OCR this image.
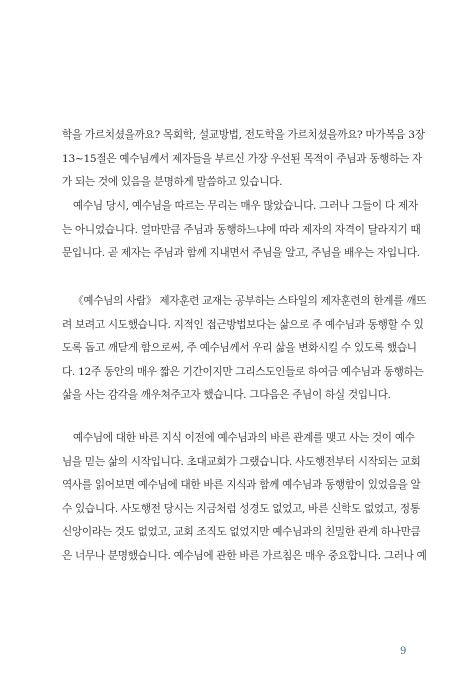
학을 가르치셨을까요? 목회학, 설교방법, 전도학을 가르치셨을까요? 마가복음 3장
13~15절은 예수님께서 제자들을 부르신 가장 우선된 목적이 주님과 동행하는 자
가 되는 것에 있음을 분명하게 말씀하고 있습니다.
예수님 당시, 예수님을 따르는 무리는 매우 많았습니다. 그러나 그들이 다 제자
는 아니었습니다. 얼마만큼 주님과 동행하느냐에 따라 제자의 자격이 달라지기 때
문입니다. 곧 제자는 주님과 함께 지내면서 주님을 알고, 주님을 배우는 자입니다.
《예수님의 사람》 제자훈련 교재는 공부하는 스타일의 제자훈련의 한계를 깨뜨
려 보려고 시도했습니다. 지적인 접근방법보다는 삶으로 주 예수님과 동행할 수 있
도록 돕고 깨닫게 함으로써, 주 예수님께서 우리 삶을 변화시킬 수 있도록 했습니
다. 12주 동안의 매우 짧은 기간이지만 그리스도인들로 하여금 예수님과 동행하는
삶을 사는 감각을 깨우쳐주고자 했습니다. 그다음은 주님이 하실 것입니다.
예수님에 대한 바른 지식 이전에 예수님과의 바른 관계를 맺고 사는 것이 예수
님을 믿는 삶의 시작입니다. 초대교회가 그랬습니다. 사도행전부터 시작되는 교회
역사를 읽어보면 예수님에 대한 바른 지식과 함께 예수님과 동행함이 있었음을 알
수 있습니다. 사도행전 당시는 지금처럼 성경도 없었고, 바른 신학도 없었고, 정통
신앙이라는 것도 없었고, 교회 조직도 없었지만 예수님과의 친밀한 관계 하나만큼
은 너무나 분명했습니다. 예수님에 관한 바른 가르침은 매우 중요합니다. 그러나 예
9
